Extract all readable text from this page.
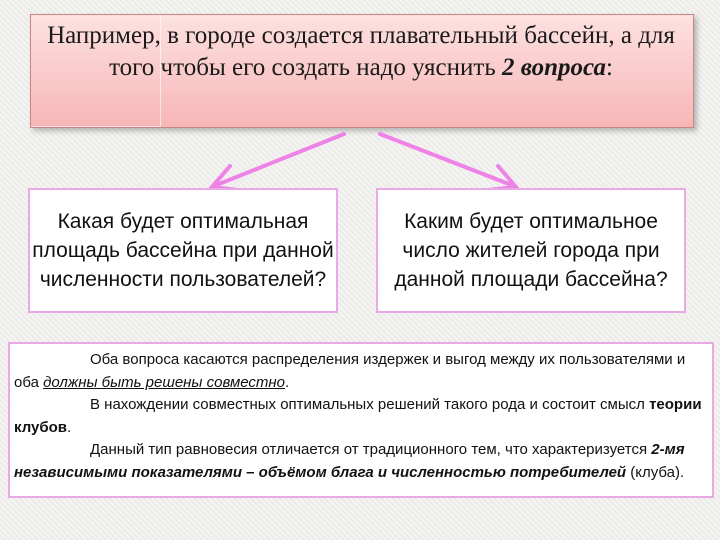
Например, в городе создается плавательный бассейн, а для того чтобы его создать надо уяснить 2 вопроса:
Какая будет оптимальная площадь бассейна при данной численности пользователей?
Каким будет оптимальное число жителей города при данной площади бассейна?

Оба вопроса касаются распределения издержек и выгод между их пользователями и оба должны быть решены совместно.

В нахождении совместных оптимальных решений такого рода и состоит смысл теории клубов.

Данный тип равновесия отличается от традиционного тем, что характеризуется 2-мя независимыми показателями – объёмом блага и численностью потребителей (клуба).
